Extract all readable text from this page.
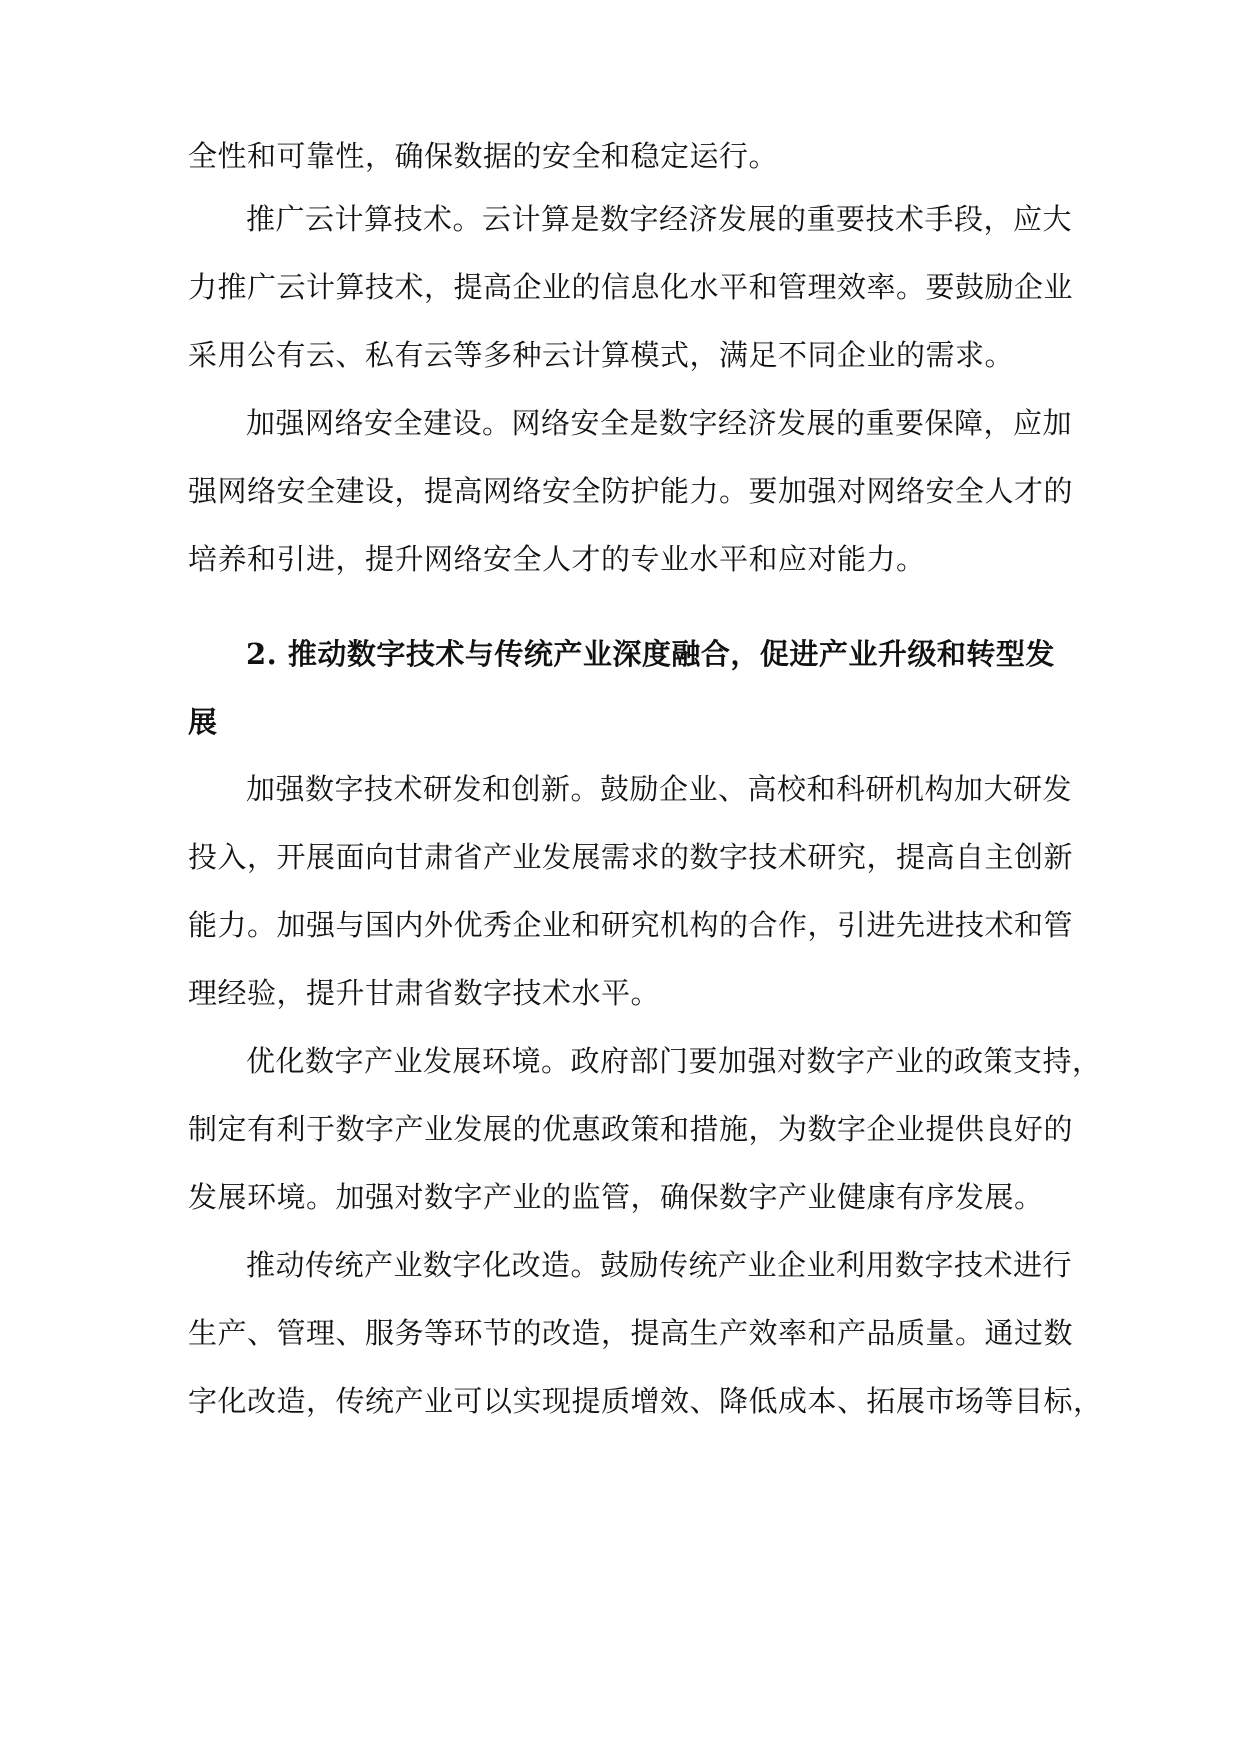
全性和可靠性，确保数据的安全和稳定运行。
推广云计算技术。云计算是数字经济发展的重要技术手段，应大
力推广云计算技术，提高企业的信息化水平和管理效率。要鼓励企业
采用公有云、私有云等多种云计算模式，满足不同企业的需求。
加强网络安全建设。网络安全是数字经济发展的重要保障，应加
强网络安全建设，提高网络安全防护能力。要加强对网络安全人才的
培养和引进，提升网络安全人才的专业水平和应对能力。
2. 推动数字技术与传统产业深度融合，促进产业升级和转型发
展
加强数字技术研发和创新。鼓励企业、高校和科研机构加大研发
投入，开展面向甘肃省产业发展需求的数字技术研究，提高自主创新
能力。加强与国内外优秀企业和研究机构的合作，引进先进技术和管
理经验，提升甘肃省数字技术水平。
优化数字产业发展环境。政府部门要加强对数字产业的政策支持，
制定有利于数字产业发展的优惠政策和措施，为数字企业提供良好的
发展环境。加强对数字产业的监管，确保数字产业健康有序发展。
推动传统产业数字化改造。鼓励传统产业企业利用数字技术进行
生产、管理、服务等环节的改造，提高生产效率和产品质量。通过数
字化改造，传统产业可以实现提质增效、降低成本、拓展市场等目标，
